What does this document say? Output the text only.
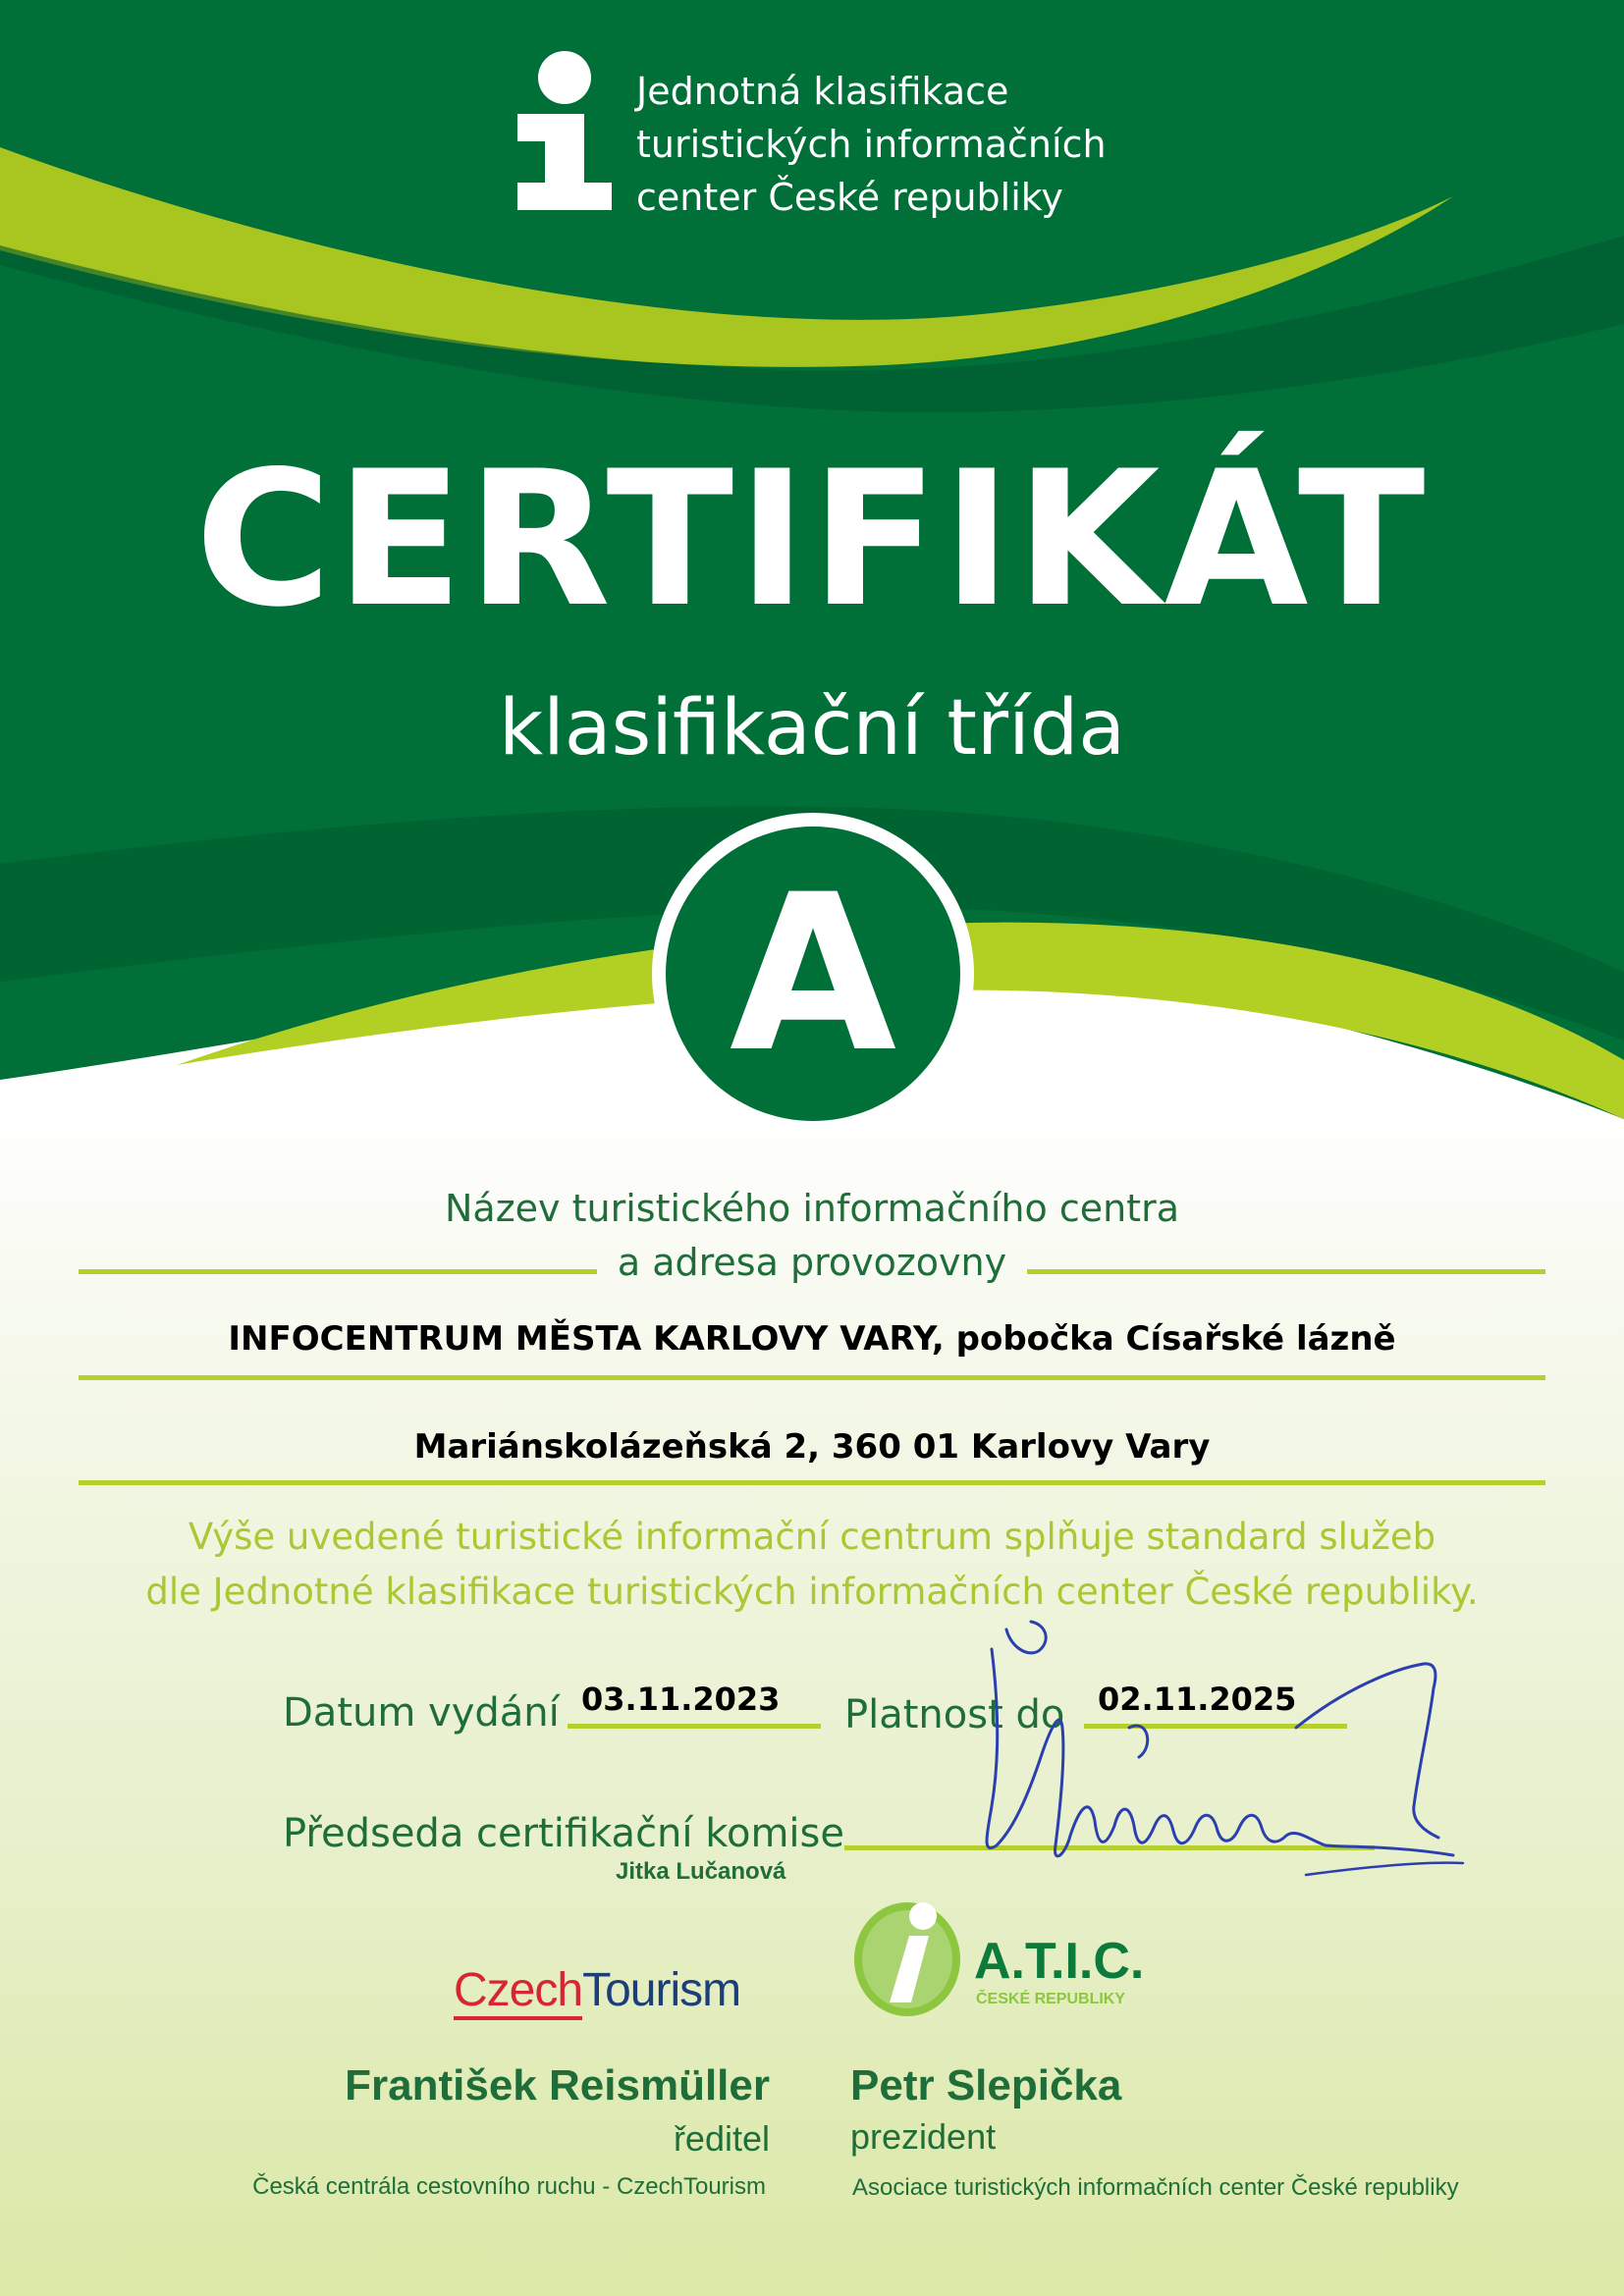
Jednotná klasifikace
turistických informačních
center České republiky
CERTIFIKÁT
klasifikační třída
A
Název turistického informačního centra
a adresa provozovny
INFOCENTRUM MĚSTA KARLOVY VARY, pobočka Císařské lázně
Mariánskolázeňská 2, 360 01 Karlovy Vary
Výše uvedené turistické informační centrum splňuje standard služeb
dle Jednotné klasifikace turistických informačních center České republiky.
Datum vydání 03.11.2023 Platnost do 02.11.2025
Předseda certifikační komise
Jitka Lučanová
CzechTourism
A.T.I.C.
ČESKÉ REPUBLIKY
František Reismüller
ředitel
Česká centrála cestovního ruchu - CzechTourism
Petr Slepička
prezident
Asociace turistických informačních center České republiky
